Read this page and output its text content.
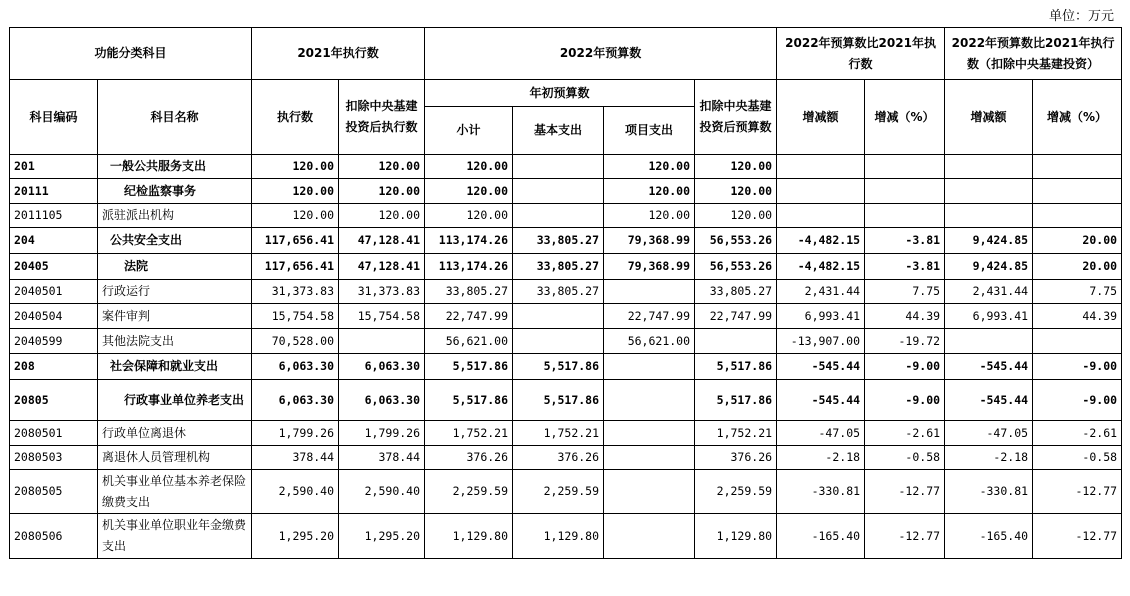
单位：万元
功能分类科目		2021年执行数		2022年预算数				2022年预算数比2021年执行数		2022年预算数比2021年执行数（扣除中央基建投资）	
科目编码	科目名称	执行数	扣除中央基建投资后执行数	年初预算数			扣除中央基建投资后预算数	增减额	增减（%）	增减额	增减（%）
				小计	基本支出	项目支出					
201	一般公共服务支出	120.00	120.00	120.00		120.00	120.00				
20111	纪检监察事务	120.00	120.00	120.00		120.00	120.00				
2011105	派驻派出机构	120.00	120.00	120.00		120.00	120.00				
204	公共安全支出	117,656.41	47,128.41	113,174.26	33,805.27	79,368.99	56,553.26	-4,482.15	-3.81	9,424.85	20.00
20405	法院	117,656.41	47,128.41	113,174.26	33,805.27	79,368.99	56,553.26	-4,482.15	-3.81	9,424.85	20.00
2040501	行政运行	31,373.83	31,373.83	33,805.27	33,805.27		33,805.27	2,431.44	7.75	2,431.44	7.75
2040504	案件审判	15,754.58	15,754.58	22,747.99		22,747.99	22,747.99	6,993.41	44.39	6,993.41	44.39
2040599	其他法院支出	70,528.00		56,621.00		56,621.00		-13,907.00	-19.72		
208	社会保障和就业支出	6,063.30	6,063.30	5,517.86	5,517.86		5,517.86	-545.44	-9.00	-545.44	-9.00
20805	行政事业单位养老支出	6,063.30	6,063.30	5,517.86	5,517.86		5,517.86	-545.44	-9.00	-545.44	-9.00
2080501	行政单位离退休	1,799.26	1,799.26	1,752.21	1,752.21		1,752.21	-47.05	-2.61	-47.05	-2.61
2080503	离退休人员管理机构	378.44	378.44	376.26	376.26		376.26	-2.18	-0.58	-2.18	-0.58
2080505	机关事业单位基本养老保险缴费支出	2,590.40	2,590.40	2,259.59	2,259.59		2,259.59	-330.81	-12.77	-330.81	-12.77
2080506	机关事业单位职业年金缴费支出	1,295.20	1,295.20	1,129.80	1,129.80		1,129.80	-165.40	-12.77	-165.40	-12.77
